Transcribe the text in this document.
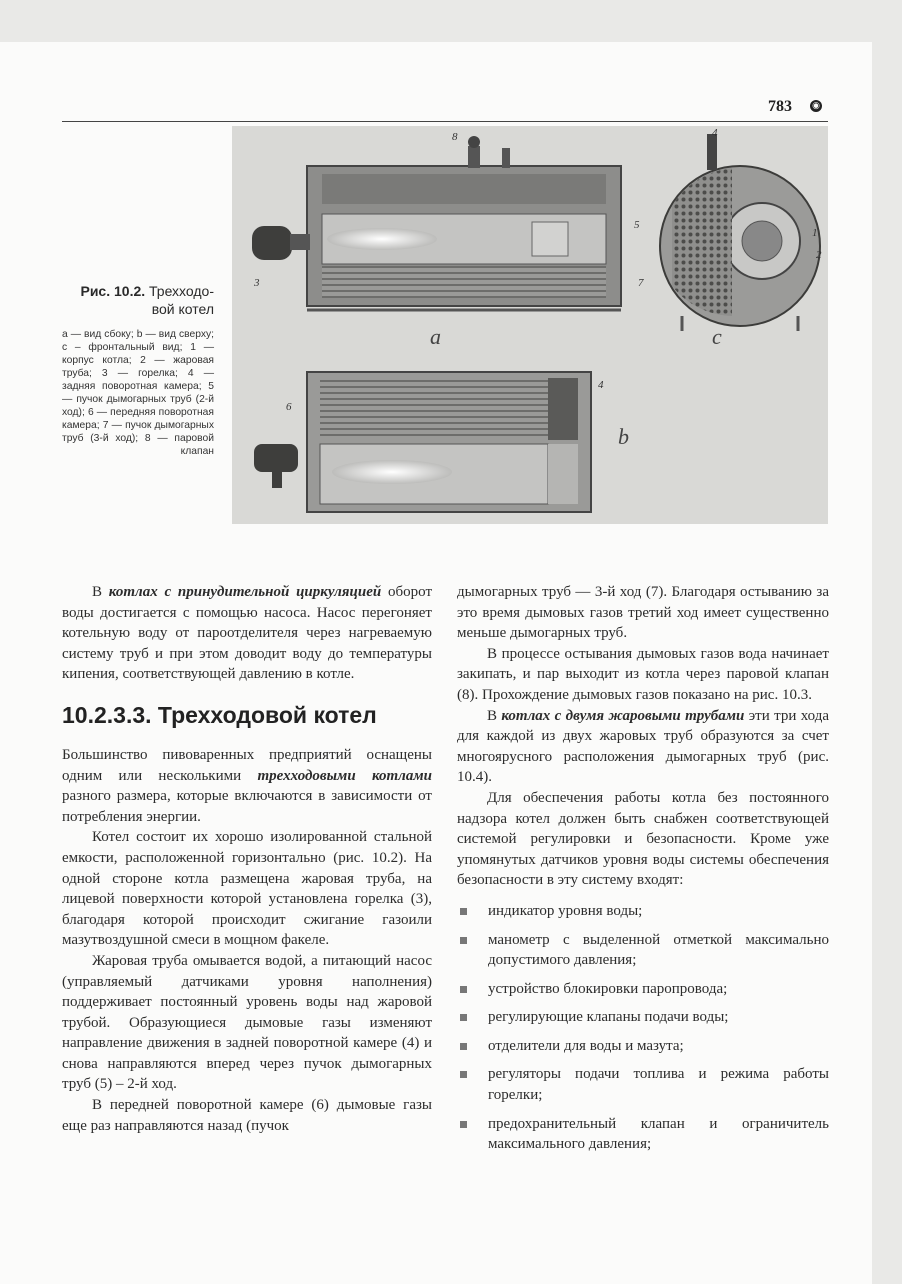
783 ◉
a	c
b
8	4
3
5
7
1
2
6
4
Рис. 10.2. Трехходо-вой котел
а — вид сбоку; b — вид сверху; с – фронтальный вид; 1 — корпус котла; 2 — жаровая труба; 3 — горелка; 4 — задняя поворотная камера; 5 — пучок дымогарных труб (2-й ход); 6 — передняя поворотная камера; 7 — пучок дымогарных труб (3-й ход); 8 — паровой клапан

В котлах с принудительной циркуляцией оборот воды достигается с помощью насоса. Насос перегоняет котельную воду от пароотделителя через нагреваемую систему труб и при этом доводит воду до температуры кипения, соответствующей давлению в котле.

10.2.3.3. Трехходовой котел

Большинство пивоваренных предприятий оснащены одним или несколькими трехходовыми котлами разного размера, которые включаются в зависимости от потребления энергии.

Котел состоит их хорошо изолированной стальной емкости, расположенной горизонтально (рис. 10.2). На одной стороне котла размещена жаровая труба, на лицевой поверхности которой установлена горелка (3), благодаря которой происходит сжигание газоили мазутвоздушной смеси в мощном факеле.

Жаровая труба омывается водой, а питающий насос (управляемый датчиками уровня наполнения) поддерживает постоянный уровень воды над жаровой трубой. Образующиеся дымовые газы изменяют направление движения в задней поворотной камере (4) и снова направляются вперед через пучок дымогарных труб (5) – 2-й ход.

В передней поворотной камере (6) дымовые газы еще раз направляются назад (пучок

дымогарных труб — 3-й ход (7). Благодаря остыванию за это время дымовых газов третий ход имеет существенно меньше дымогарных труб.

В процессе остывания дымовых газов вода начинает закипать, и пар выходит из котла через паровой клапан (8). Прохождение дымовых газов показано на рис. 10.3.

В котлах с двумя жаровыми трубами эти три хода для каждой из двух жаровых труб образуются за счет многоярусного расположения дымогарных труб (рис. 10.4).

Для обеспечения работы котла без постоянного надзора котел должен быть снабжен соответствующей системой регулировки и безопасности. Кроме уже упомянутых датчиков уровня воды системы обеспечения безопасности в эту систему входят:

индикатор уровня воды;
манометр с выделенной отметкой максимально допустимого давления;
устройство блокировки паропровода;
регулирующие клапаны подачи воды;
отделители для воды и мазута;
регуляторы подачи топлива и режима работы горелки;
предохранительный клапан и ограничитель максимального давления;
